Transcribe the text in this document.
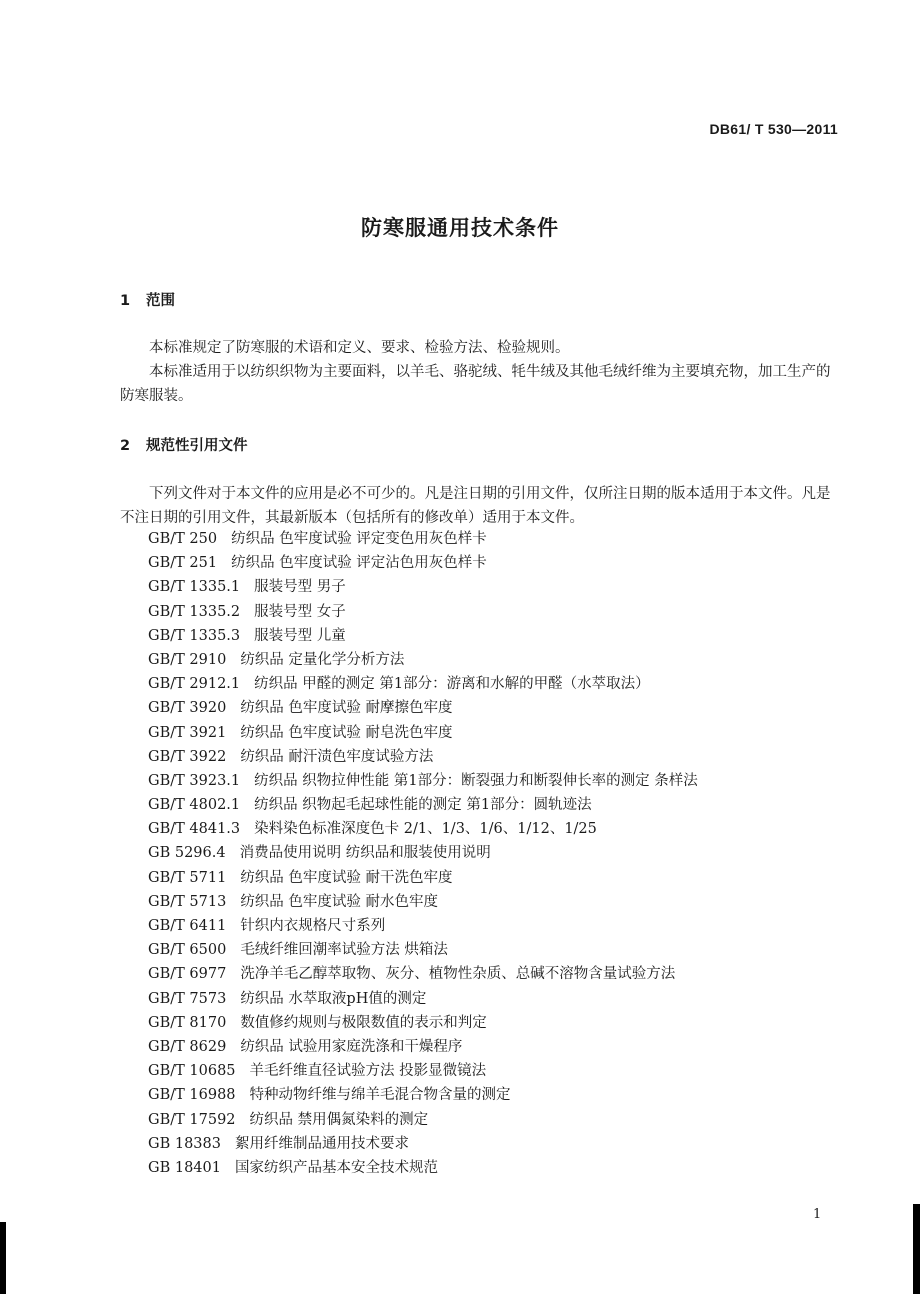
DB61/ T 530—2011
防寒服通用技术条件
1 范围
本标准规定了防寒服的术语和定义、要求、检验方法、检验规则。
本标准适用于以纺织织物为主要面料，以羊毛、骆驼绒、牦牛绒及其他毛绒纤维为主要填充物，加工生产的防寒服装。
2 规范性引用文件
下列文件对于本文件的应用是必不可少的。凡是注日期的引用文件，仅所注日期的版本适用于本文件。凡是不注日期的引用文件，其最新版本（包括所有的修改单）适用于本文件。
GB/T 250 纺织品 色牢度试验 评定变色用灰色样卡
GB/T 251 纺织品 色牢度试验 评定沾色用灰色样卡
GB/T 1335.1 服装号型 男子
GB/T 1335.2 服装号型 女子
GB/T 1335.3 服装号型 儿童
GB/T 2910 纺织品 定量化学分析方法
GB/T 2912.1 纺织品 甲醛的测定 第1部分：游离和水解的甲醛（水萃取法）
GB/T 3920 纺织品 色牢度试验 耐摩擦色牢度
GB/T 3921 纺织品 色牢度试验 耐皂洗色牢度
GB/T 3922 纺织品 耐汗渍色牢度试验方法
GB/T 3923.1 纺织品 织物拉伸性能 第1部分：断裂强力和断裂伸长率的测定 条样法
GB/T 4802.1 纺织品 织物起毛起球性能的测定 第1部分：圆轨迹法
GB/T 4841.3 染料染色标准深度色卡 2/1、1/3、1/6、1/12、1/25
GB 5296.4 消费品使用说明 纺织品和服装使用说明
GB/T 5711 纺织品 色牢度试验 耐干洗色牢度
GB/T 5713 纺织品 色牢度试验 耐水色牢度
GB/T 6411 针织内衣规格尺寸系列
GB/T 6500 毛绒纤维回潮率试验方法 烘箱法
GB/T 6977 洗净羊毛乙醇萃取物、灰分、植物性杂质、总碱不溶物含量试验方法
GB/T 7573 纺织品 水萃取液pH值的测定
GB/T 8170 数值修约规则与极限数值的表示和判定
GB/T 8629 纺织品 试验用家庭洗涤和干燥程序
GB/T 10685 羊毛纤维直径试验方法 投影显微镜法
GB/T 16988 特种动物纤维与绵羊毛混合物含量的测定
GB/T 17592 纺织品 禁用偶氮染料的测定
GB 18383 絮用纤维制品通用技术要求
GB 18401 国家纺织产品基本安全技术规范
1
